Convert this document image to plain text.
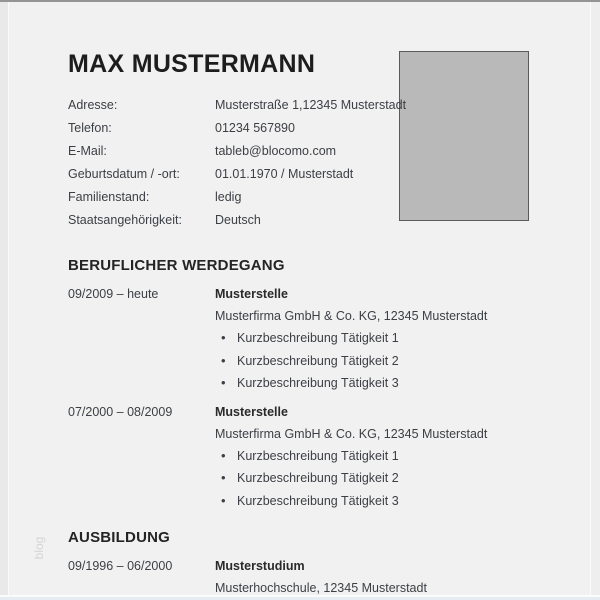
MAX MUSTERMANN
Adresse:	Musterstraße 1,12345 Musterstadt
Telefon:	01234 567890
E-Mail:	tableb@blocomo.com
Geburtsdatum / -ort:	01.01.1970 / Musterstadt
Familienstand:	ledig
Staatsangehörigkeit:	Deutsch
BERUFLICHER WERDEGANG
09/2009 – heute	Musterstelle
Musterfirma GmbH & Co. KG, 12345 Musterstadt
• Kurzbeschreibung Tätigkeit 1
• Kurzbeschreibung Tätigkeit 2
• Kurzbeschreibung Tätigkeit 3
07/2000 – 08/2009	Musterstelle
Musterfirma GmbH & Co. KG, 12345 Musterstadt
• Kurzbeschreibung Tätigkeit 1
• Kurzbeschreibung Tätigkeit 2
• Kurzbeschreibung Tätigkeit 3
AUSBILDUNG
09/1996 – 06/2000	Musterstudium
Musterhochschule, 12345 Musterstadt
blog
